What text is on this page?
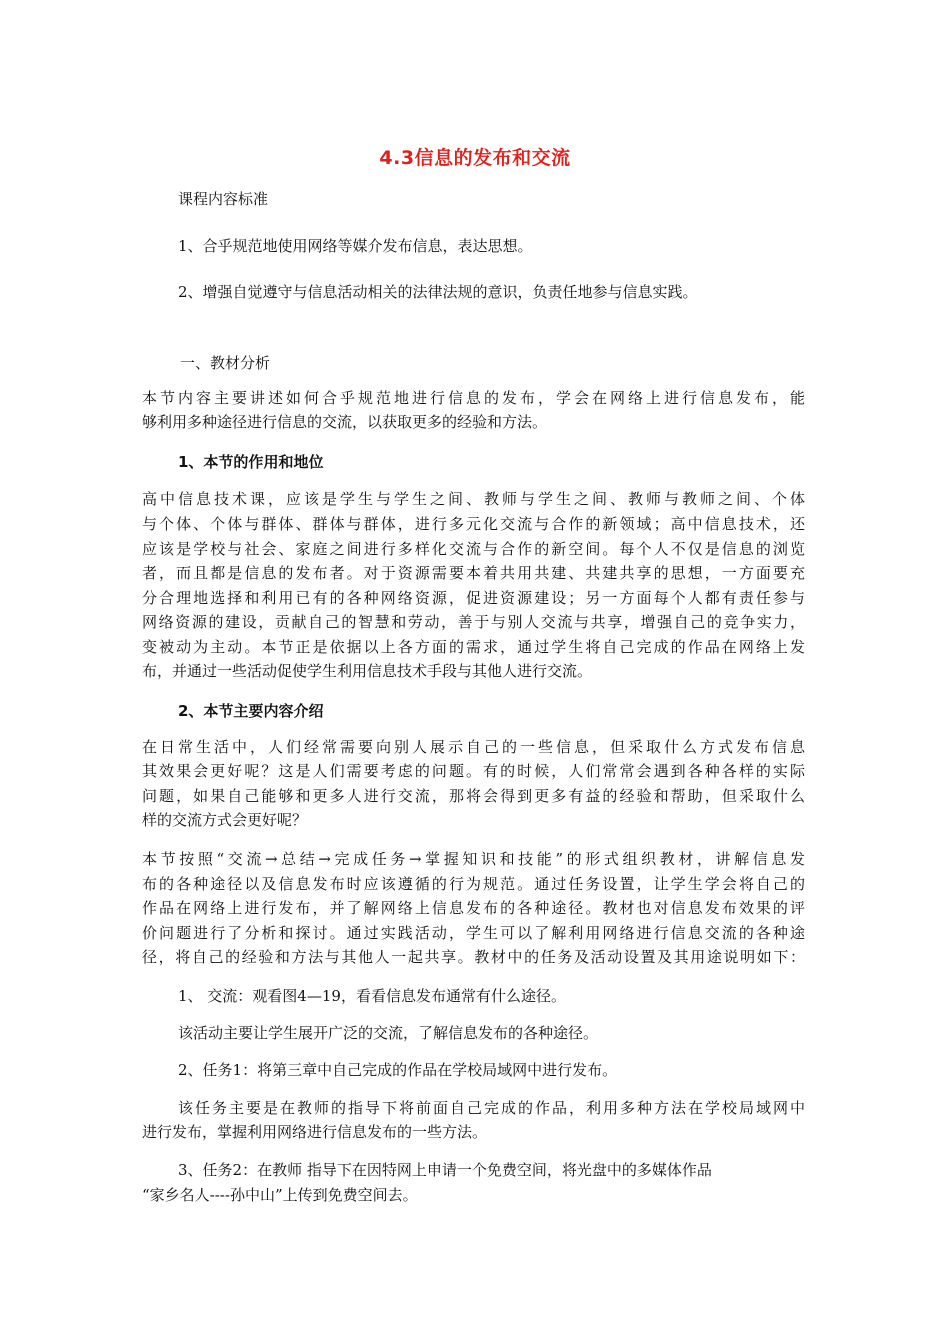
4.3信息的发布和交流
课程内容标准
1、合乎规范地使用网络等媒介发布信息，表达思想。
2、增强自觉遵守与信息活动相关的法律法规的意识，负责任地参与信息实践。
一、教材分析
本节内容主要讲述如何合乎规范地进行信息的发布，学会在网络上进行信息发布，能
够利用多种途径进行信息的交流，以获取更多的经验和方法。
1、本节的作用和地位
高中信息技术课，应该是学生与学生之间、教师与学生之间、教师与教师之间、个体
与个体、个体与群体、群体与群体，进行多元化交流与合作的新领域；高中信息技术，还
应该是学校与社会、家庭之间进行多样化交流与合作的新空间。每个人不仅是信息的浏览
者，而且都是信息的发布者。对于资源需要本着共用共建、共建共享的思想，一方面要充
分合理地选择和利用已有的各种网络资源，促进资源建设；另一方面每个人都有责任参与
网络资源的建设，贡献自己的智慧和劳动，善于与别人交流与共享，增强自己的竞争实力，
变被动为主动。本节正是依据以上各方面的需求，通过学生将自己完成的作品在网络上发
布，并通过一些活动促使学生利用信息技术手段与其他人进行交流。
2、本节主要内容介绍
在日常生活中，人们经常需要向别人展示自己的一些信息，但采取什么方式发布信息
其效果会更好呢？这是人们需要考虑的问题。有的时候，人们常常会遇到各种各样的实际
问题，如果自己能够和更多人进行交流，那将会得到更多有益的经验和帮助，但采取什么
样的交流方式会更好呢？
本节按照“交流→总结→完成任务→掌握知识和技能”的形式组织教材，讲解信息发
布的各种途径以及信息发布时应该遵循的行为规范。通过任务设置，让学生学会将自己的
作品在网络上进行发布，并了解网络上信息发布的各种途径。教材也对信息发布效果的评
价问题进行了分析和探讨。通过实践活动，学生可以了解利用网络进行信息交流的各种途
径，将自己的经验和方法与其他人一起共享。教材中的任务及活动设置及其用途说明如下：
1、 交流：观看图4—19，看看信息发布通常有什么途径。
该活动主要让学生展开广泛的交流，了解信息发布的各种途径。
2、任务1：将第三章中自己完成的作品在学校局域网中进行发布。
该任务主要是在教师的指导下将前面自己完成的作品，利用多种方法在学校局域网中
进行发布，掌握利用网络进行信息发布的一些方法。
3、任务2：在教师 指导下在因特网上申请一个免费空间，将光盘中的多媒体作品
“家乡名人----孙中山”上传到免费空间去。
